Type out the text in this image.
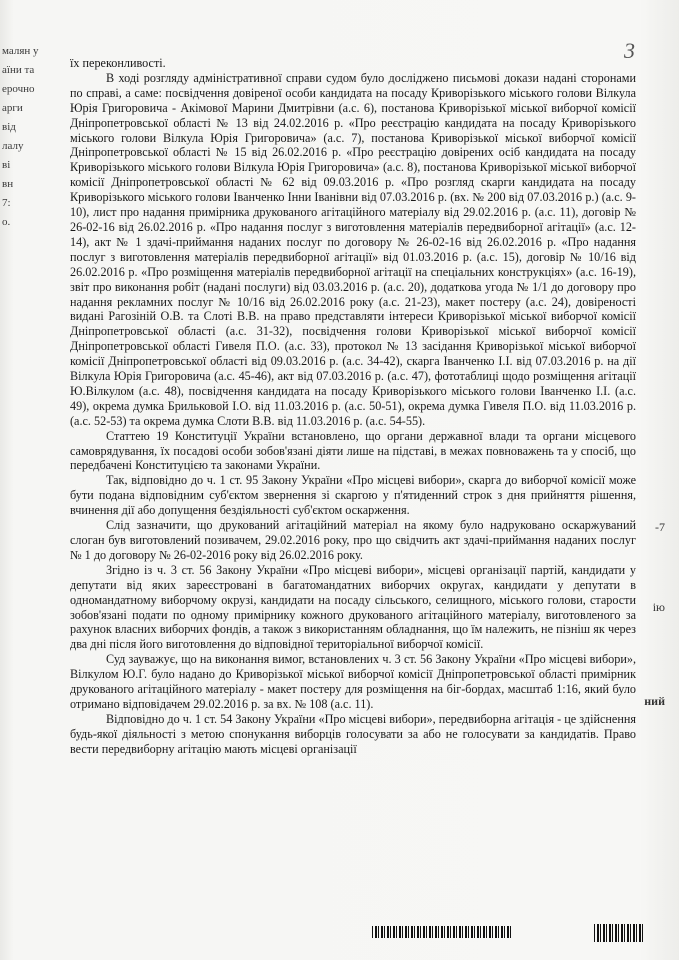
3
малян у
аїни та
ерочно
арги
від
лалу
ві
вн
7:
о.
-7
ію
ний

їх переконливості.

В ході розгляду адміністративної справи судом було досліджено письмові докази надані сторонами по справі, а саме: посвідчення довіреної особи кандидата на посаду Криворізького міського голови Вілкула Юрія Григоровича - Акімової Марини Дмитрівни (а.с. 6), постанова Криворізької міської виборчої комісії Дніпропетровської області № 13 від 24.02.2016 р. «Про реєстрацію кандидата на посаду Криворізького міського голови Вілкула Юрія Григоровича» (а.с. 7), постанова Криворізької міської виборчої комісії Дніпропетровської області № 15 від 26.02.2016 р. «Про реєстрацію довірених осіб кандидата на посаду Криворізького міського голови Вілкула Юрія Григоровича» (а.с. 8), постанова Криворізької міської виборчої комісії Дніпропетровської області № 62 від 09.03.2016 р. «Про розгляд скарги кандидата на посаду Криворізького міського голови Іванченко Інни Іванівни від 07.03.2016 р. (вх. № 200 від 07.03.2016 р.) (а.с. 9-10), лист про надання примірника друкованого агітаційного матеріалу від 29.02.2016 р. (а.с. 11), договір № 26-02-16 від 26.02.2016 р. «Про надання послуг з виготовлення матеріалів передвиборної агітації» (а.с. 12-14), акт № 1 здачі-приймання наданих послуг по договору № 26-02-16 від 26.02.2016 р. «Про надання послуг з виготовлення матеріалів передвиборної агітації» від 01.03.2016 р. (а.с. 15), договір № 10/16 від 26.02.2016 р. «Про розміщення матеріалів передвиборної агітації на спеціальних конструкціях» (а.с. 16-19), звіт про виконання робіт (надані послуги) від 03.03.2016 р. (а.с. 20), додаткова угода № 1/1 до договору про надання рекламних послуг № 10/16 від 26.02.2016 року (а.с. 21-23), макет постеру (а.с. 24), довіреності видані Рагозіній О.В. та Слоті В.В. на право представляти інтереси Криворізької міської виборчої комісії Дніпропетровської області (а.с. 31-32), посвідчення голови Криворізької міської виборчої комісії Дніпропетровської області Гивеля П.О. (а.с. 33), протокол № 13 засідання Криворізької міської виборчої комісії Дніпропетровської області від 09.03.2016 р. (а.с. 34-42), скарга Іванченко І.І. від 07.03.2016 р. на дії Вілкула Юрія Григоровича (а.с. 45-46), акт від 07.03.2016 р. (а.с. 47), фототаблиці щодо розміщення агітації Ю.Вілкулом (а.с. 48), посвідчення кандидата на посаду Криворізького міського голови Іванченко І.І. (а.с. 49), окрема думка Брильковой І.О. від 11.03.2016 р. (а.с. 50-51), окрема думка Гивеля П.О. від 11.03.2016 р. (а.с. 52-53) та окрема думка Слоти В.В. від 11.03.2016 р. (а.с. 54-55).

Статтею 19 Конституції України встановлено, що органи державної влади та органи місцевого самоврядування, їх посадові особи зобов'язані діяти лише на підставі, в межах повноважень та у спосіб, що передбачені Конституцією та законами України.

Так, відповідно до ч. 1 ст. 95 Закону України «Про місцеві вибори», скарга до виборчої комісії може бути подана відповідним суб'єктом звернення зі скаргою у п'ятиденний строк з дня прийняття рішення, вчинення дії або допущення бездіяльності суб'єктом оскарження.

Слід зазначити, що друкований агітаційний матеріал на якому було надруковано оскаржуваний слоган був виготовлений позивачем, 29.02.2016 року, про що свідчить акт здачі-приймання наданих послуг № 1 до договору № 26-02-2016 року від 26.02.2016 року.

Згідно із ч. 3 ст. 56 Закону України «Про місцеві вибори», місцеві організації партій, кандидати у депутати від яких зареєстровані в багатомандатних виборчих округах, кандидати у депутати в одномандатному виборчому окрузі, кандидати на посаду сільського, селищного, міського голови, старости зобов'язані подати по одному примірнику кожного друкованого агітаційного матеріалу, виготовленого за рахунок власних виборчих фондів, а також з використанням обладнання, що їм належить, не пізніш як через два дні після його виготовлення до відповідної територіальної виборчої комісії.

Суд зауважує, що на виконання вимог, встановлених ч. 3 ст. 56 Закону України «Про місцеві вибори», Вілкулом Ю.Г. було надано до Криворізької міської виборчої комісії Дніпропетровської області примірник друкованого агітаційного матеріалу - макет постеру для розміщення на біг-бордах, масштаб 1:16, який було отримано відповідачем 29.02.2016 р. за вх. № 108 (а.с. 11).

Відповідно до ч. 1 ст. 54 Закону України «Про місцеві вибори», передвиборна агітація - це здійснення будь-якої діяльності з метою спонукання виборців голосувати за або не голосувати за кандидатів. Право вести передвиборну агітацію мають місцеві організації
